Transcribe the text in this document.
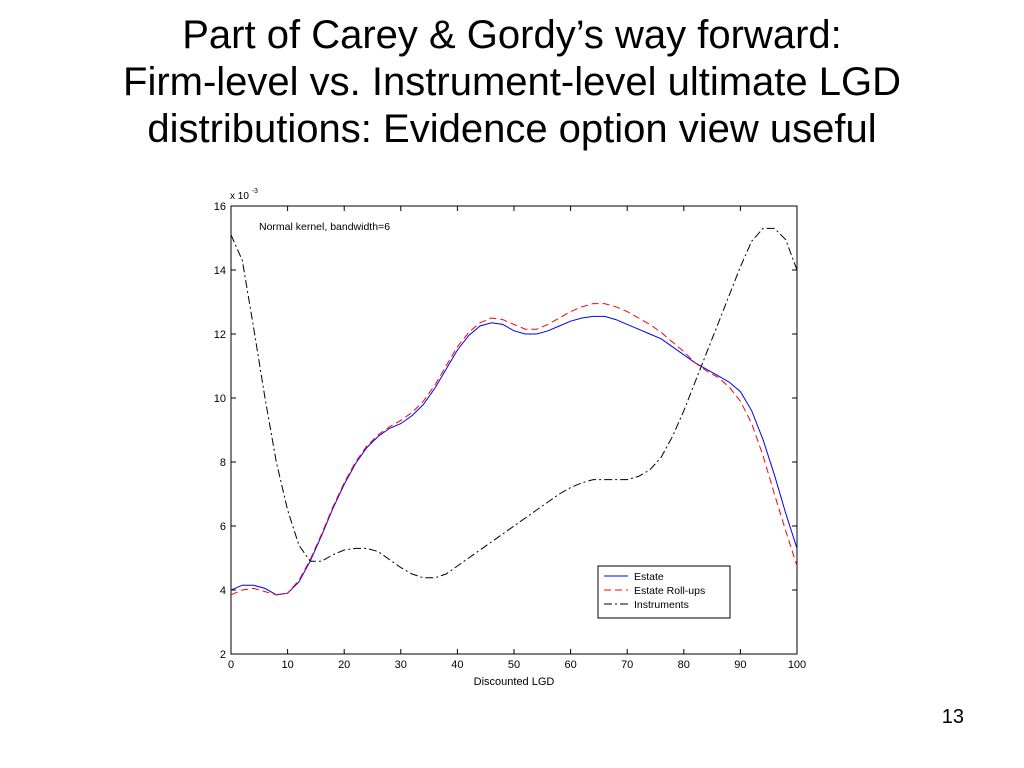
Part of Carey & Gordy’s way forward:
Firm-level vs. Instrument-level ultimate LGD
distributions: Evidence option view useful
0	10	20	30	40	50	60	70	80	90	100
2
4
6
8
10
12
14
16
x 10 $^{-3}$
Normal kernel, bandwidth=6
Discounted LGD
Estate
Estate Roll-ups
Instruments
13
